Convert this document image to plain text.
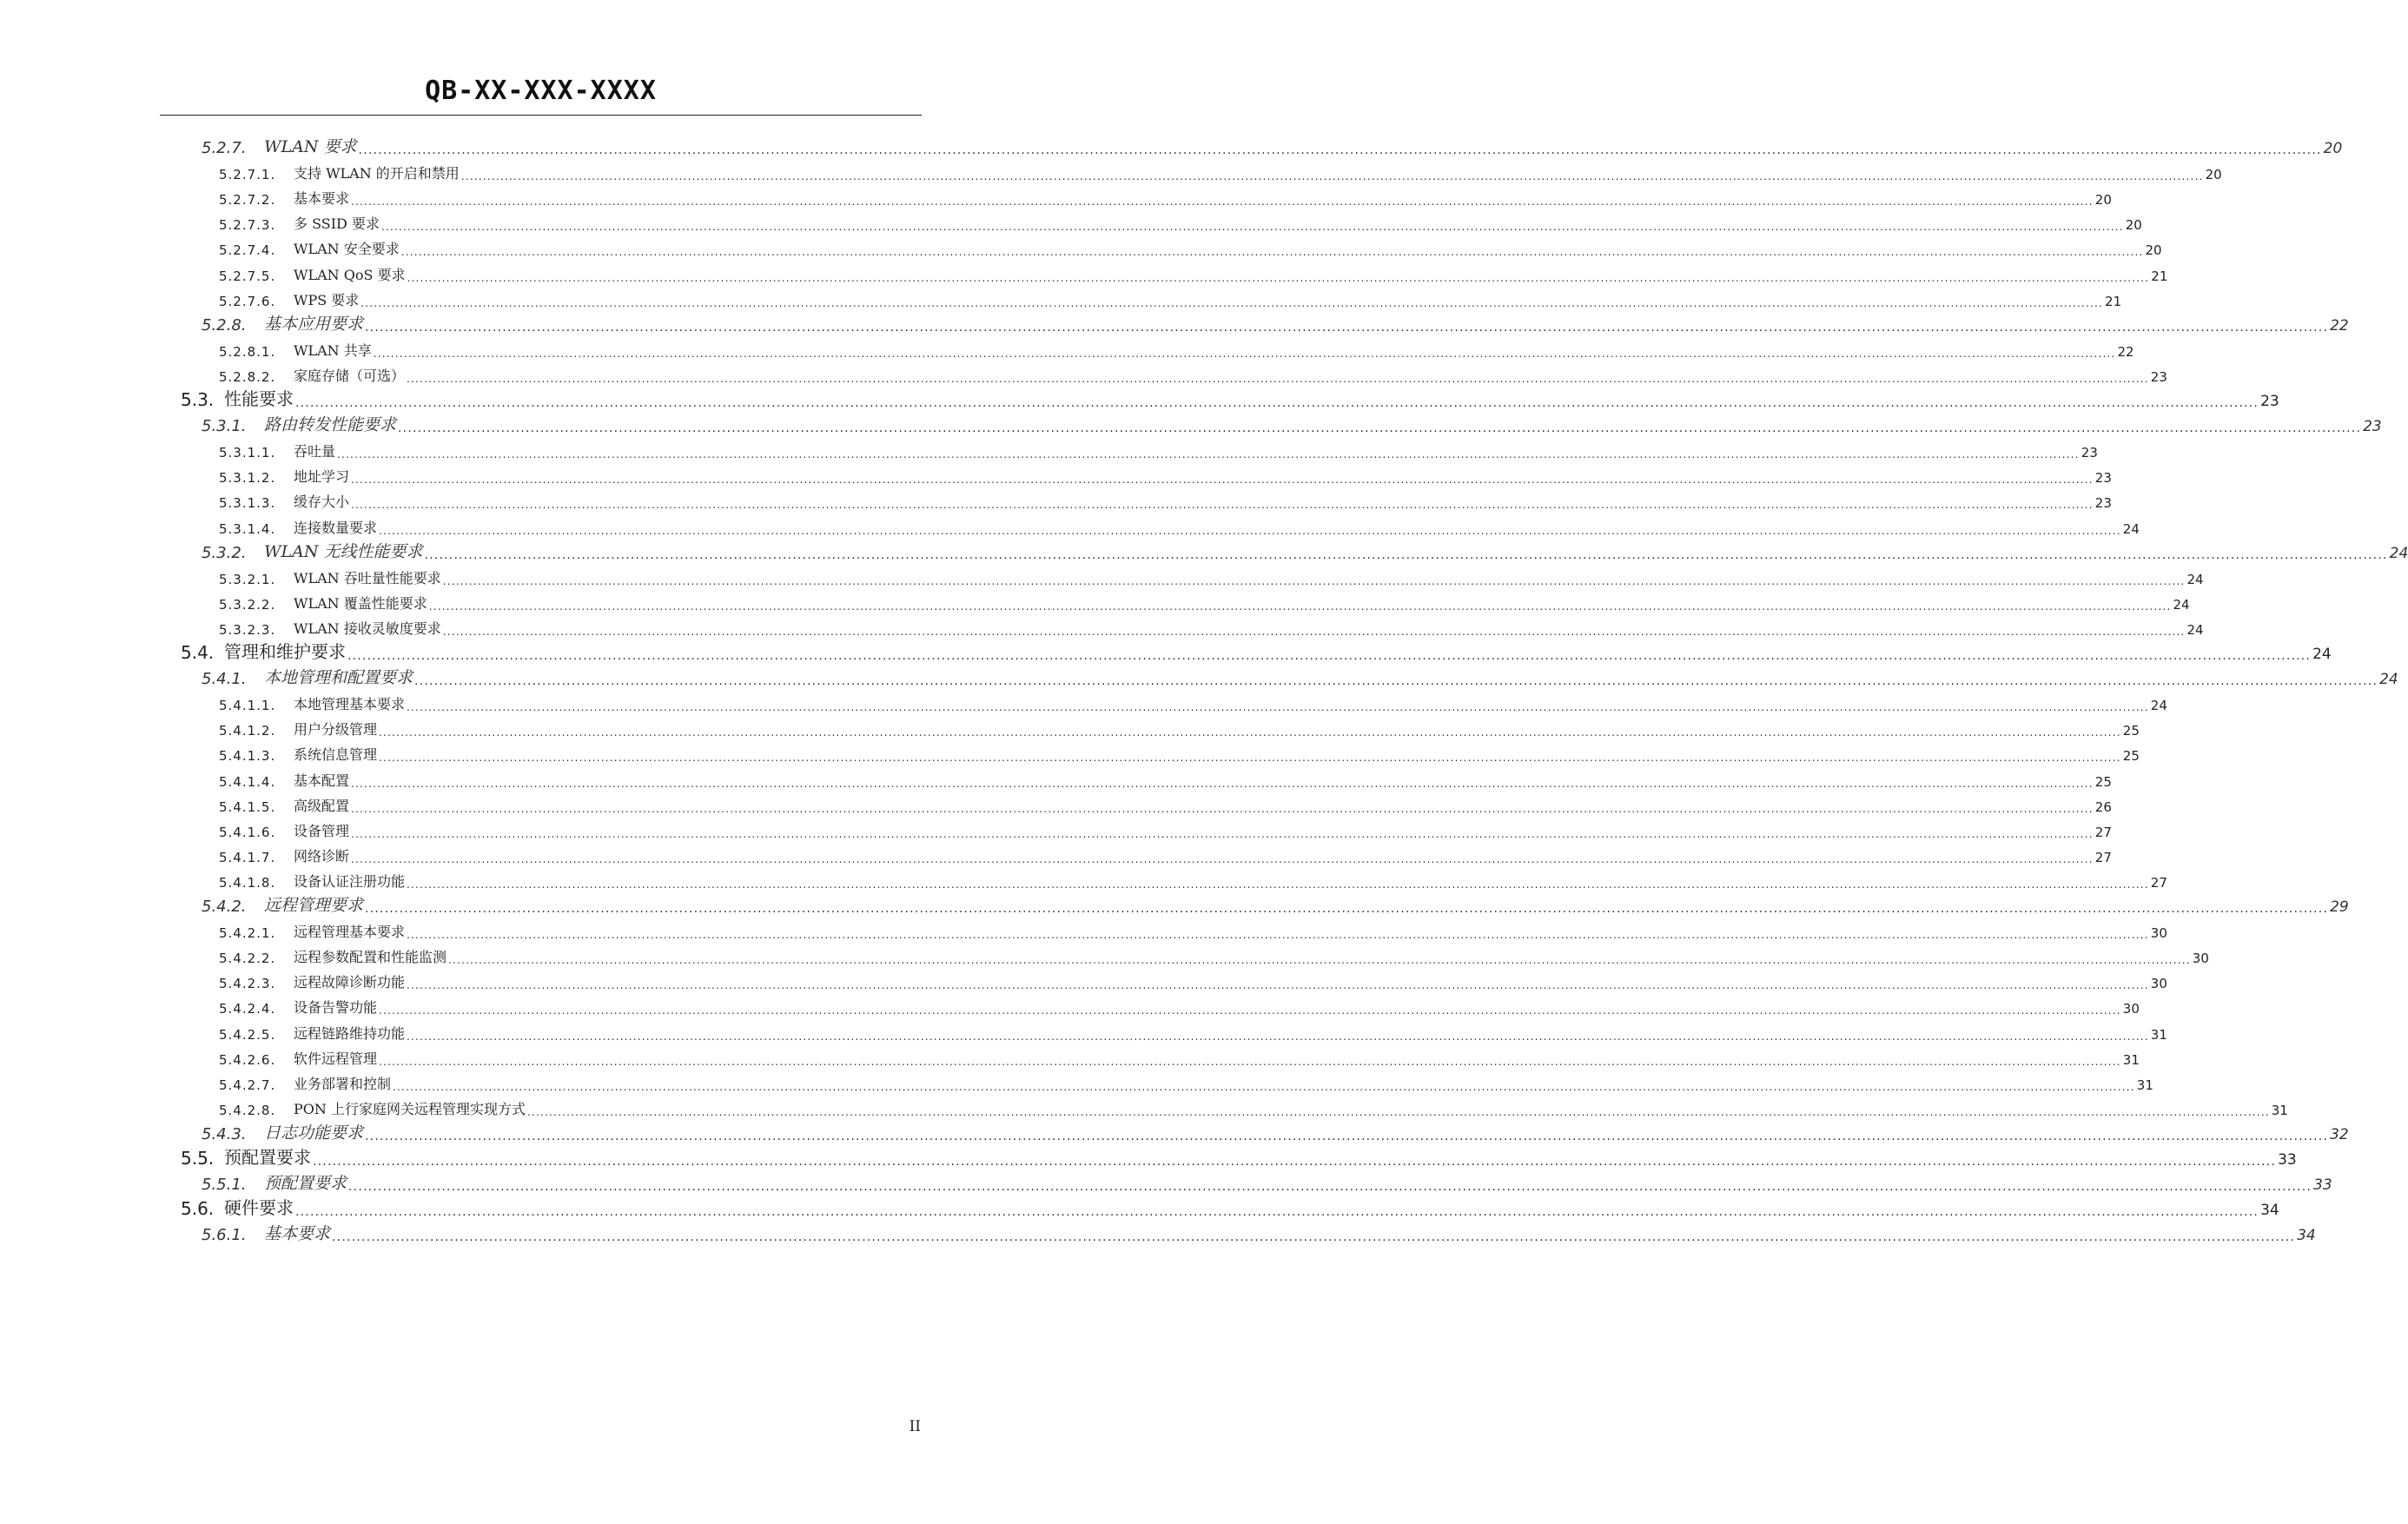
QB-XX-XXX-XXXX
5.2.7.	WLAN 要求 ................................................................................................................................................................................................................................................................................................................................................................................................................ 20
5.2.7.1.	支持 WLAN 的开启和禁用 ................................................................................................................................................................................................................................................................................................................................................................................................................ 20
5.2.7.2.	基本要求 ................................................................................................................................................................................................................................................................................................................................................................................................................ 20
5.2.7.3.	多 SSID 要求 ................................................................................................................................................................................................................................................................................................................................................................................................................ 20
5.2.7.4.	WLAN 安全要求 ................................................................................................................................................................................................................................................................................................................................................................................................................ 20
5.2.7.5.	WLAN QoS 要求 ................................................................................................................................................................................................................................................................................................................................................................................................................ 21
5.2.7.6.	WPS 要求 ................................................................................................................................................................................................................................................................................................................................................................................................................ 21
5.2.8.	基本应用要求 ................................................................................................................................................................................................................................................................................................................................................................................................................ 22
5.2.8.1.	WLAN 共享 ................................................................................................................................................................................................................................................................................................................................................................................................................ 22
5.2.8.2.	家庭存储（可选） ................................................................................................................................................................................................................................................................................................................................................................................................................ 23
5.3. 性能要求 ................................................................................................................................................................................................................................................................................................................................................................................................................ 23
5.3.1.	路由转发性能要求 ................................................................................................................................................................................................................................................................................................................................................................................................................ 23
5.3.1.1.	吞吐量 ................................................................................................................................................................................................................................................................................................................................................................................................................ 23
5.3.1.2.	地址学习 ................................................................................................................................................................................................................................................................................................................................................................................................................ 23
5.3.1.3.	缓存大小 ................................................................................................................................................................................................................................................................................................................................................................................................................ 23
5.3.1.4.	连接数量要求 ................................................................................................................................................................................................................................................................................................................................................................................................................ 24
5.3.2.	WLAN 无线性能要求 ................................................................................................................................................................................................................................................................................................................................................................................................................ 24
5.3.2.1.	WLAN 吞吐量性能要求 ................................................................................................................................................................................................................................................................................................................................................................................................................ 24
5.3.2.2.	WLAN 覆盖性能要求 ................................................................................................................................................................................................................................................................................................................................................................................................................ 24
5.3.2.3.	WLAN 接收灵敏度要求 ................................................................................................................................................................................................................................................................................................................................................................................................................ 24
5.4. 管理和维护要求 ................................................................................................................................................................................................................................................................................................................................................................................................................ 24
5.4.1.	本地管理和配置要求 ................................................................................................................................................................................................................................................................................................................................................................................................................ 24
5.4.1.1.	本地管理基本要求 ................................................................................................................................................................................................................................................................................................................................................................................................................ 24
5.4.1.2.	用户分级管理 ................................................................................................................................................................................................................................................................................................................................................................................................................ 25
5.4.1.3.	系统信息管理 ................................................................................................................................................................................................................................................................................................................................................................................................................ 25
5.4.1.4.	基本配置 ................................................................................................................................................................................................................................................................................................................................................................................................................ 25
5.4.1.5.	高级配置 ................................................................................................................................................................................................................................................................................................................................................................................................................ 26
5.4.1.6.	设备管理 ................................................................................................................................................................................................................................................................................................................................................................................................................ 27
5.4.1.7.	网络诊断 ................................................................................................................................................................................................................................................................................................................................................................................................................ 27
5.4.1.8.	设备认证注册功能 ................................................................................................................................................................................................................................................................................................................................................................................................................ 27
5.4.2.	远程管理要求 ................................................................................................................................................................................................................................................................................................................................................................................................................ 29
5.4.2.1.	远程管理基本要求 ................................................................................................................................................................................................................................................................................................................................................................................................................ 30
5.4.2.2.	远程参数配置和性能监测 ................................................................................................................................................................................................................................................................................................................................................................................................................ 30
5.4.2.3.	远程故障诊断功能 ................................................................................................................................................................................................................................................................................................................................................................................................................ 30
5.4.2.4.	设备告警功能 ................................................................................................................................................................................................................................................................................................................................................................................................................ 30
5.4.2.5.	远程链路维持功能 ................................................................................................................................................................................................................................................................................................................................................................................................................ 31
5.4.2.6.	软件远程管理 ................................................................................................................................................................................................................................................................................................................................................................................................................ 31
5.4.2.7.	业务部署和控制 ................................................................................................................................................................................................................................................................................................................................................................................................................ 31
5.4.2.8.	PON 上行家庭网关远程管理实现方式 ................................................................................................................................................................................................................................................................................................................................................................................................................ 31
5.4.3.	日志功能要求 ................................................................................................................................................................................................................................................................................................................................................................................................................ 32
5.5. 预配置要求 ................................................................................................................................................................................................................................................................................................................................................................................................................ 33
5.5.1.	预配置要求 ................................................................................................................................................................................................................................................................................................................................................................................................................ 33
5.6. 硬件要求 ................................................................................................................................................................................................................................................................................................................................................................................................................ 34
5.6.1.	基本要求 ................................................................................................................................................................................................................................................................................................................................................................................................................ 34
II
